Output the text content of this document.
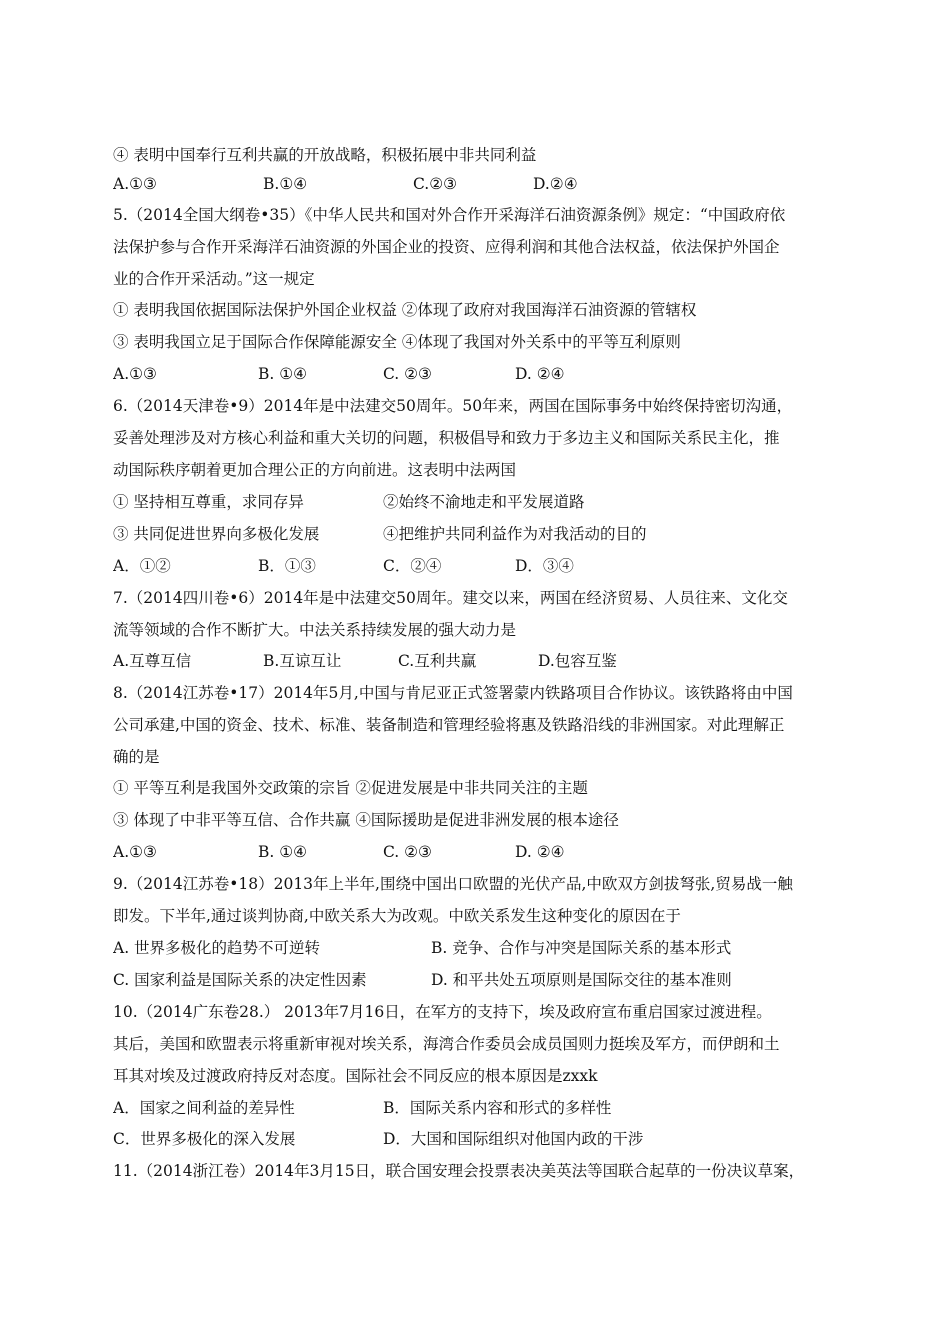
④ 表明中国奉行互利共赢的开放战略，积极拓展中非共同利益
A.①③	B.①④	C.②③	D.②④
5.（2014全国大纲卷•35）《中华人民共和国对外合作开采海洋石油资源条例》规定：“中国政府依
法保护参与合作开采海洋石油资源的外国企业的投资、应得利润和其他合法权益，依法保护外国企
业的合作开采活动。”这一规定
① 表明我国依据国际法保护外国企业权益 ②体现了政府对我国海洋石油资源的管辖权
③ 表明我国立足于国际合作保障能源安全 ④体现了我国对外关系中的平等互利原则
A.①③	B. ①④	C. ②③	D. ②④
6.（2014天津卷•9）2014年是中法建交50周年。50年来，两国在国际事务中始终保持密切沟通，
妥善处理涉及对方核心利益和重大关切的问题，积极倡导和致力于多边主义和国际关系民主化，推
动国际秩序朝着更加合理公正的方向前进。这表明中法两国
① 坚持相互尊重，求同存异	②始终不渝地走和平发展道路
③ 共同促进世界向多极化发展	④把维护共同利益作为对我活动的目的
A．①②	B．①③	C．②④	D．③④
7.（2014四川卷•6）2014年是中法建交50周年。建交以来，两国在经济贸易、人员往来、文化交
流等领域的合作不断扩大。中法关系持续发展的强大动力是
A.互尊互信	B.互谅互让	C.互利共赢	D.包容互鉴
8.（2014江苏卷•17）2014年5月,中国与肯尼亚正式签署蒙内铁路项目合作协议。该铁路将由中国
公司承建,中国的资金、技术、标准、装备制造和管理经验将惠及铁路沿线的非洲国家。对此理解正
确的是
① 平等互利是我国外交政策的宗旨 ②促进发展是中非共同关注的主题
③ 体现了中非平等互信、合作共赢 ④国际援助是促进非洲发展的根本途径
A.①③	B. ①④	C. ②③	D. ②④
9.（2014江苏卷•18）2013年上半年,围绕中国出口欧盟的光伏产品,中欧双方剑拔弩张,贸易战一触
即发。下半年,通过谈判协商,中欧关系大为改观。中欧关系发生这种变化的原因在于
A. 世界多极化的趋势不可逆转	B. 竞争、合作与冲突是国际关系的基本形式
C. 国家利益是国际关系的决定性因素	D. 和平共处五项原则是国际交往的基本准则
10.（2014广东卷28.） 2013年7月16日，在军方的支持下，埃及政府宣布重启国家过渡进程。
其后，美国和欧盟表示将重新审视对埃关系，海湾合作委员会成员国则力挺埃及军方，而伊朗和土
耳其对埃及过渡政府持反对态度。国际社会不同反应的根本原因是zxxk
A．国家之间利益的差异性	B．国际关系内容和形式的多样性
C．世界多极化的深入发展	D．大国和国际组织对他国内政的干涉
11.（2014浙江卷）2014年3月15日，联合国安理会投票表决美英法等国联合起草的一份决议草案，
